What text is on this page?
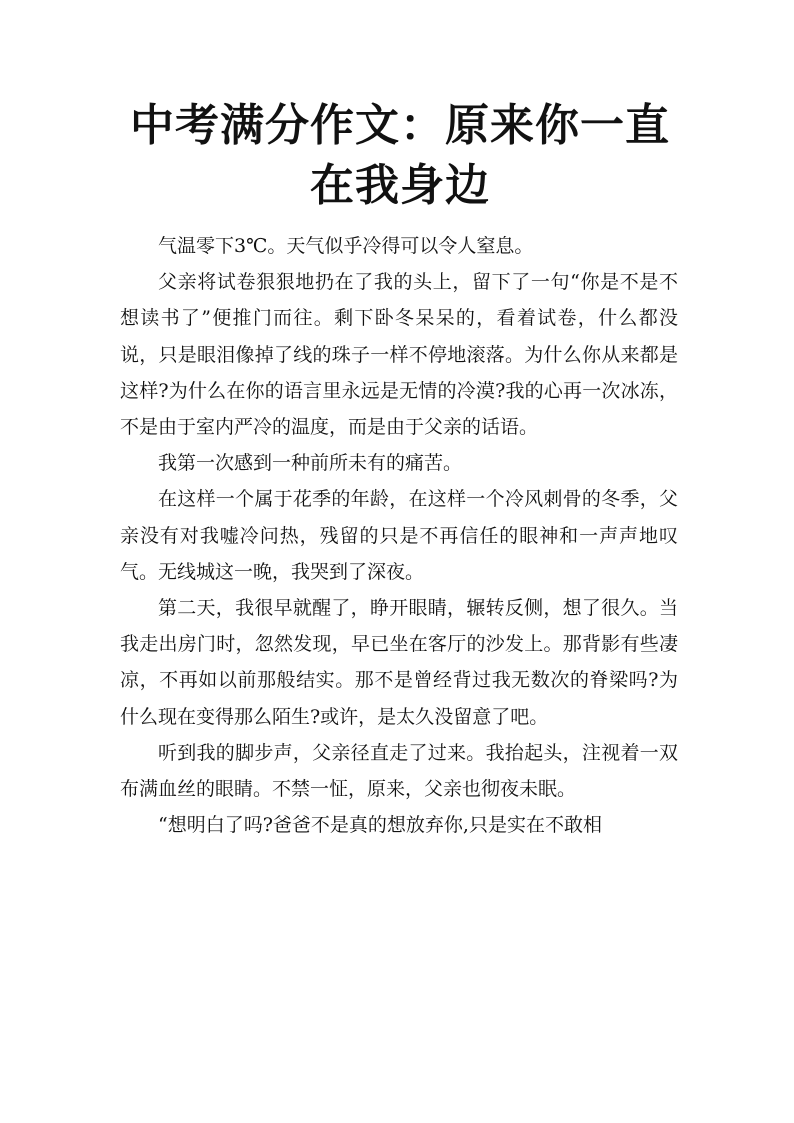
中考满分作文：原来你一直在我身边

气温零下3℃。天气似乎冷得可以令人窒息。

父亲将试卷狠狠地扔在了我的头上，留下了一句“你是不是不想读书了”便推门而往。剩下卧冬呆呆的，看着试卷，什么都没说，只是眼泪像掉了线的珠子一样不停地滚落。为什么你从来都是这样?为什么在你的语言里永远是无情的冷漠?我的心再一次冰冻，不是由于室内严冷的温度，而是由于父亲的话语。

我第一次感到一种前所未有的痛苦。

在这样一个属于花季的年龄，在这样一个冷风刺骨的冬季，父亲没有对我嘘冷问热，残留的只是不再信任的眼神和一声声地叹气。无线城这一晚，我哭到了深夜。

第二天，我很早就醒了，睁开眼睛，辗转反侧，想了很久。当我走出房门时，忽然发现，早已坐在客厅的沙发上。那背影有些凄凉，不再如以前那般结实。那不是曾经背过我无数次的脊梁吗?为什么现在变得那么陌生?或许，是太久没留意了吧。

听到我的脚步声，父亲径直走了过来。我抬起头，注视着一双布满血丝的眼睛。不禁一怔，原来，父亲也彻夜未眠。

“想明白了吗?爸爸不是真的想放弃你,只是实在不敢相
